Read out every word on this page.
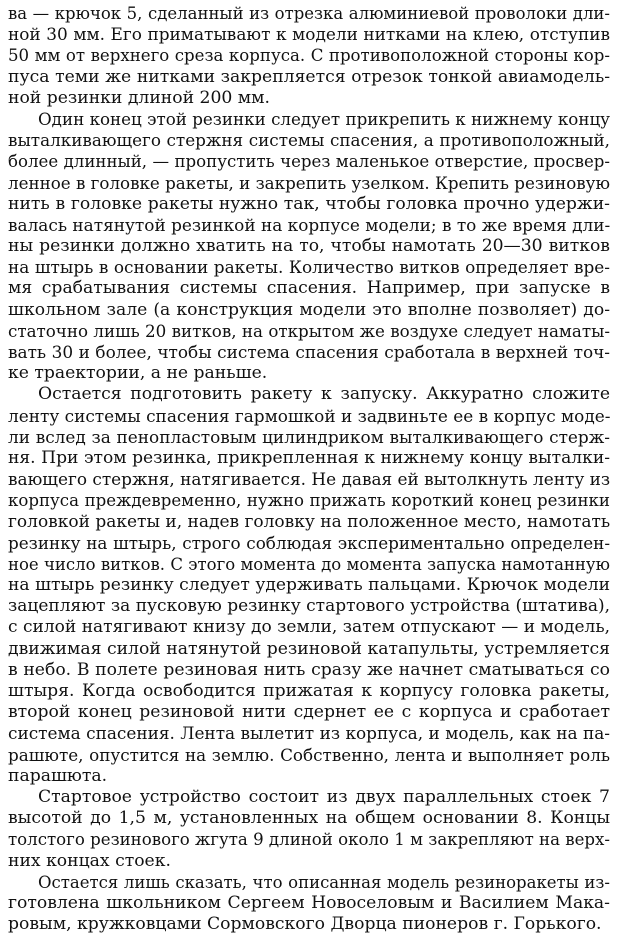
ва — крючок 5, сделанный из отрезка алюминиевой проволоки дли-
ной 30 мм. Его приматывают к модели нитками на клею, отступив
50 мм от верхнего среза корпуса. С противоположной стороны кор-
пуса теми же нитками закрепляется отрезок тонкой авиамодель-
ной резинки длиной 200 мм.
Один конец этой резинки следует прикрепить к нижнему концу
выталкивающего стержня системы спасения, а противоположный,
более длинный, — пропустить через маленькое отверстие, просвер-
ленное в головке ракеты, и закрепить узелком. Крепить резиновую
нить в головке ракеты нужно так, чтобы головка прочно удержи-
валась натянутой резинкой на корпусе модели; в то же время дли-
ны резинки должно хватить на то, чтобы намотать 20—30 витков
на штырь в основании ракеты. Количество витков определяет вре-
мя срабатывания системы спасения. Например, при запуске в
школьном зале (а конструкция модели это вполне позволяет) до-
статочно лишь 20 витков, на открытом же воздухе следует наматы-
вать 30 и более, чтобы система спасения сработала в верхней точ-
ке траектории, а не раньше.
Остается подготовить ракету к запуску. Аккуратно сложите
ленту системы спасения гармошкой и задвиньте ее в корпус моде-
ли вслед за пенопластовым цилиндриком выталкивающего стерж-
ня. При этом резинка, прикрепленная к нижнему концу выталки-
вающего стержня, натягивается. Не давая ей вытолкнуть ленту из
корпуса преждевременно, нужно прижать короткий конец резинки
головкой ракеты и, надев головку на положенное место, намотать
резинку на штырь, строго соблюдая экспериментально определен-
ное число витков. С этого момента до момента запуска намотанную
на штырь резинку следует удерживать пальцами. Крючок модели
зацепляют за пусковую резинку стартового устройства (штатива),
с силой натягивают книзу до земли, затем отпускают — и модель,
движимая силой натянутой резиновой катапульты, устремляется
в небо. В полете резиновая нить сразу же начнет сматываться со
штыря. Когда освободится прижатая к корпусу головка ракеты,
второй конец резиновой нити сдернет ее с корпуса и сработает
система спасения. Лента вылетит из корпуса, и модель, как на па-
рашюте, опустится на землю. Собственно, лента и выполняет роль
парашюта.
Стартовое устройство состоит из двух параллельных стоек 7
высотой до 1,5 м, установленных на общем основании 8. Концы
толстого резинового жгута 9 длиной около 1 м закрепляют на верх-
них концах стоек.
Остается лишь сказать, что описанная модель резиноракеты из-
готовлена школьником Сергеем Новоселовым и Василием Мака-
ровым, кружковцами Сормовского Дворца пионеров г. Горького.
